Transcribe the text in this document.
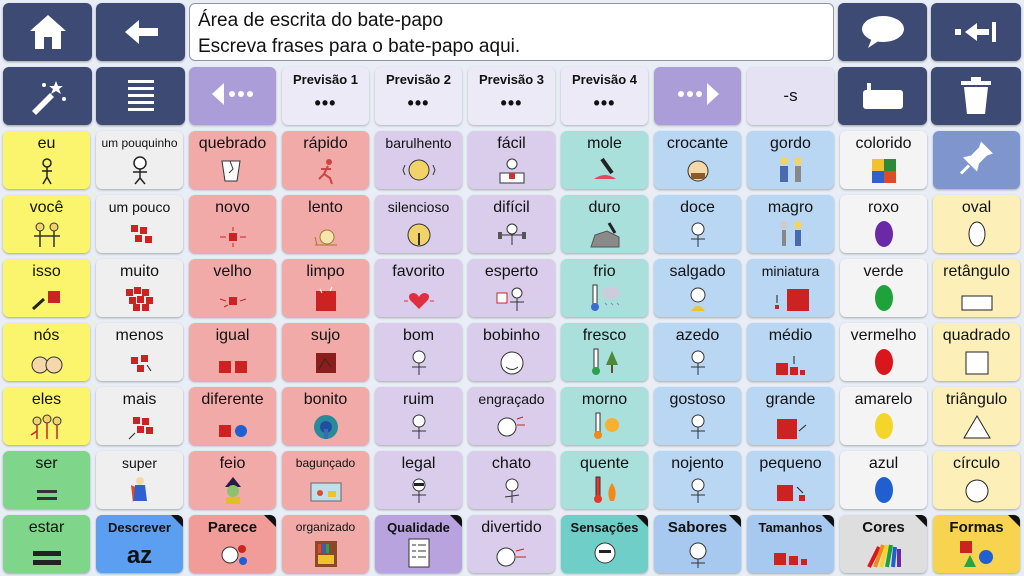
Área de escrita do bate-papo
Escreva frases para o bate-papo aqui.
Previsão 1
•••
Previsão 2
•••
Previsão 3
•••
Previsão 4
•••	-s
eu	um pouquinho	quebrado	rápido	barulhento	fácil	mole	crocante	gordo	colorido
você	um pouco	novo	lento	silencioso	difícil	duro	doce	magro	roxo	oval
isso	muito	velho	limpo	favorito	esperto	frio	salgado	miniatura	verde	retângulo
nós	menos	igual	sujo	bom	bobinho	fresco	azedo	médio	vermelho	quadrado
eles	mais	diferente	bonito	ruim	engraçado	morno	gostoso	grande	amarelo	triângulo
ser	super	feio	bagunçado	legal	chato	quente	nojento	pequeno	azul	círculo
estar	Descrever
az
Parece	organizado	Qualidade	divertido	Sensações	Sabores	Tamanhos	Cores	Formas
